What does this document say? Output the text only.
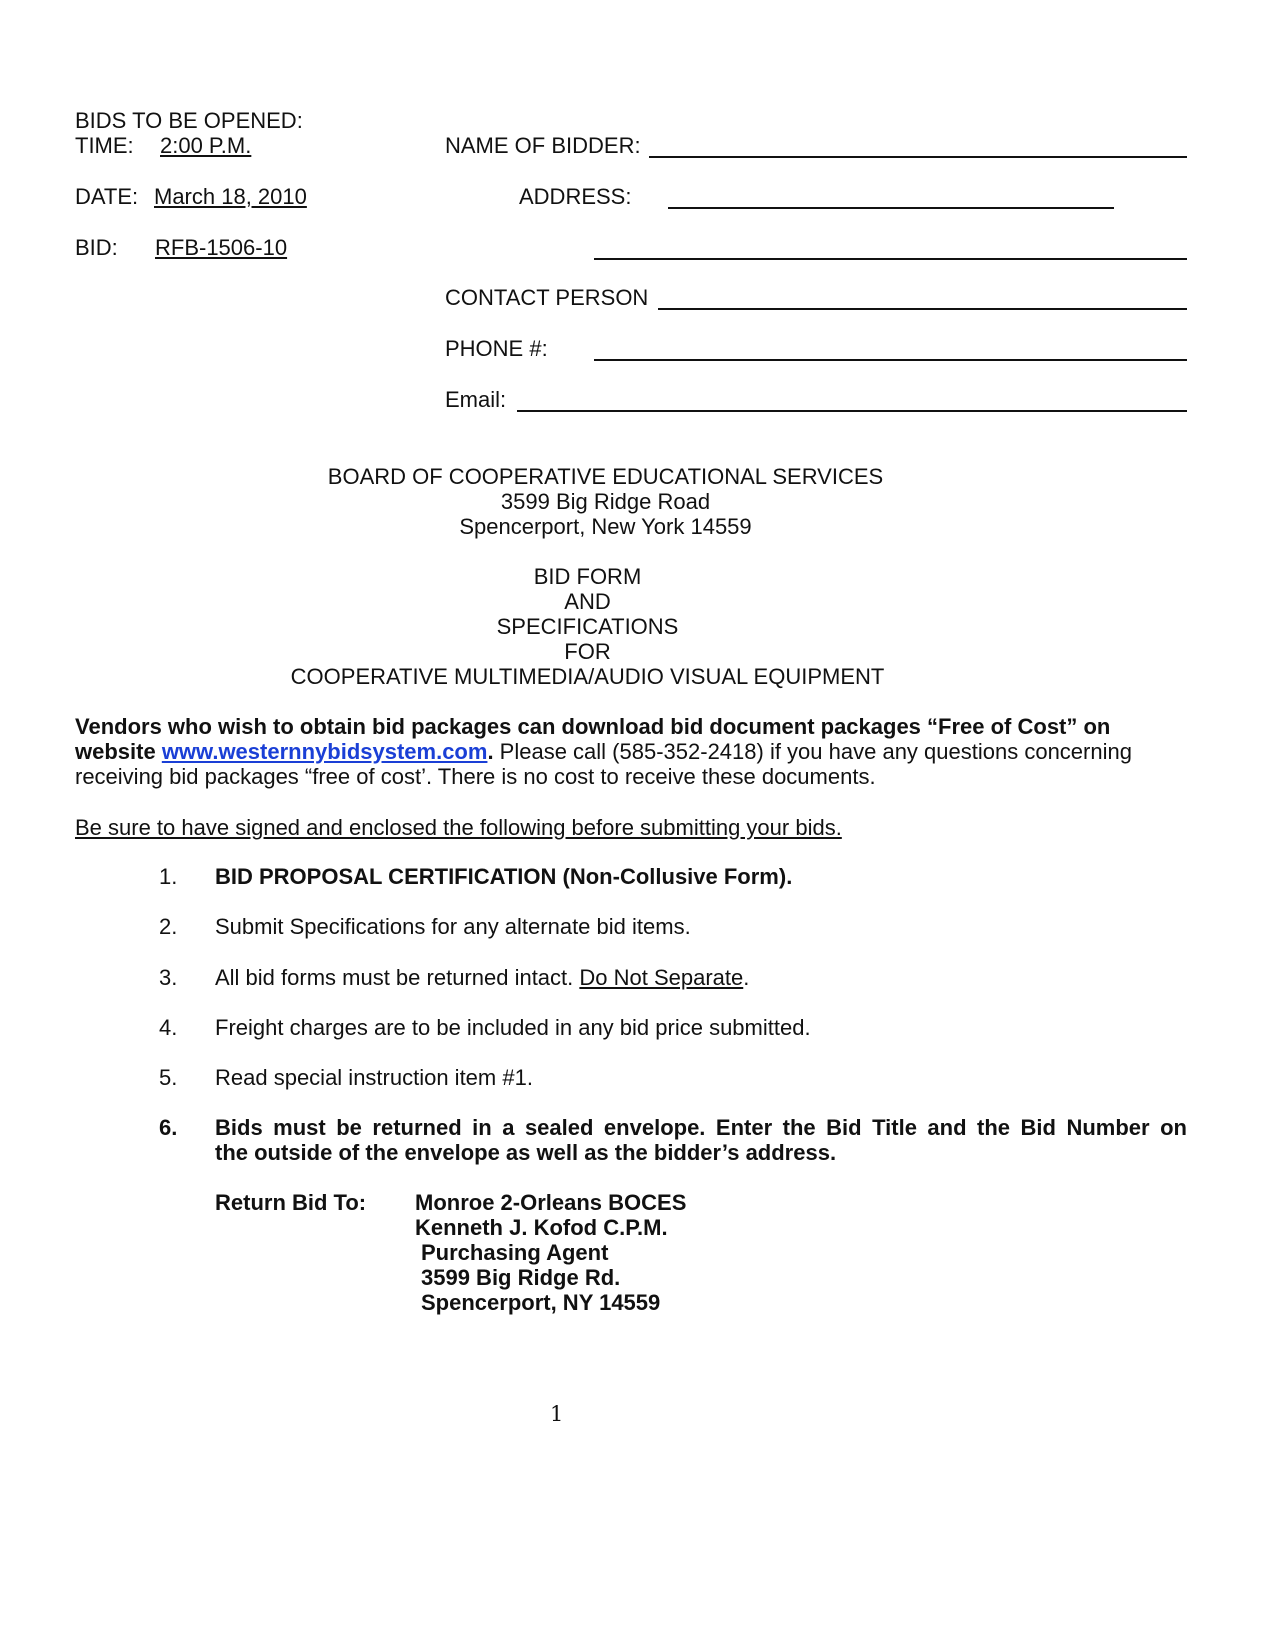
BIDS TO BE OPENED:
TIME: 2:00 P.M.
DATE: March 18, 2010
BID: RFB-1506-10
NAME OF BIDDER:
ADDRESS:
CONTACT PERSON
PHONE #:
Email:
BOARD OF COOPERATIVE EDUCATIONAL SERVICES
3599 Big Ridge Road
Spencerport, New York 14559
BID FORM
AND
SPECIFICATIONS
FOR
COOPERATIVE MULTIMEDIA/AUDIO VISUAL EQUIPMENT
Vendors who wish to obtain bid packages can download bid document packages “Free of Cost” on
website www.westernnybidsystem.com. Please call (585-352-2418) if you have any questions concerning
receiving bid packages “free of cost’. There is no cost to receive these documents.
Be sure to have signed and enclosed the following before submitting your bids.
1. BID PROPOSAL CERTIFICATION (Non-Collusive Form).
2. Submit Specifications for any alternate bid items.
3. All bid forms must be returned intact. Do Not Separate.
4. Freight charges are to be included in any bid price submitted.
5. Read special instruction item #1.
6. Bids must be returned in a sealed envelope. Enter the Bid Title and the Bid Number on
the outside of the envelope as well as the bidder’s address.
Return Bid To: Monroe 2-Orleans BOCES
Kenneth J. Kofod C.P.M.
Purchasing Agent
3599 Big Ridge Rd.
Spencerport, NY 14559
1
